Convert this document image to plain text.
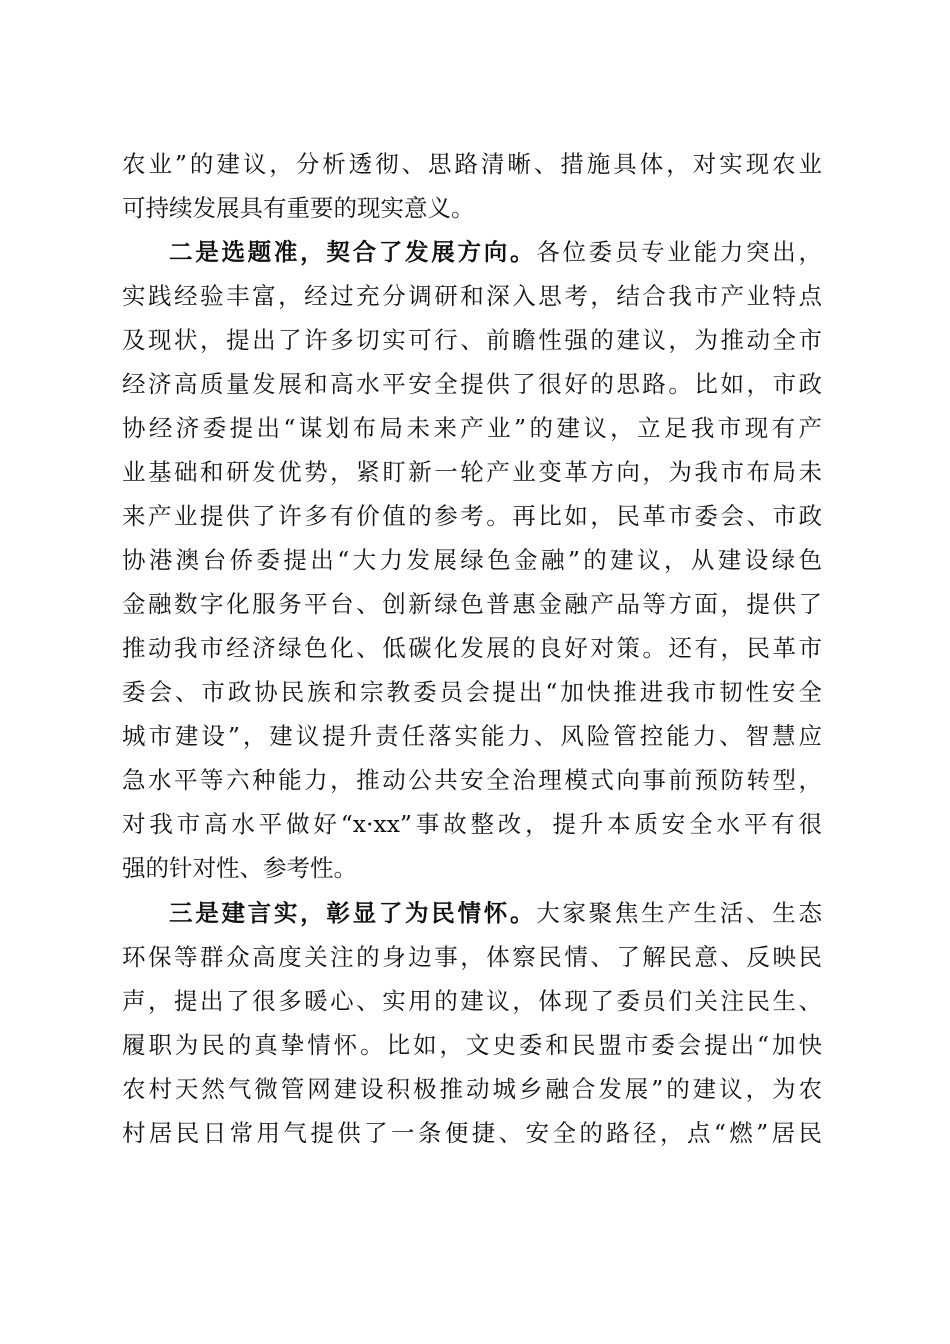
农业”的建议，分析透彻、思路清晰、措施具体，对实现农业
可持续发展具有重要的现实意义。
二是选题准，契合了发展方向。各位委员专业能力突出，
实践经验丰富，经过充分调研和深入思考，结合我市产业特点
及现状，提出了许多切实可行、前瞻性强的建议，为推动全市
经济高质量发展和高水平安全提供了很好的思路。比如，市政
协经济委提出“谋划布局未来产业”的建议，立足我市现有产
业基础和研发优势，紧盯新一轮产业变革方向，为我市布局未
来产业提供了许多有价值的参考。再比如，民革市委会、市政
协港澳台侨委提出“大力发展绿色金融”的建议，从建设绿色
金融数字化服务平台、创新绿色普惠金融产品等方面，提供了
推动我市经济绿色化、低碳化发展的良好对策。还有，民革市
委会、市政协民族和宗教委员会提出“加快推进我市韧性安全
城市建设”，建议提升责任落实能力、风险管控能力、智慧应
急水平等六种能力，推动公共安全治理模式向事前预防转型，
对我市高水平做好“x·xx”事故整改，提升本质安全水平有很
强的针对性、参考性。
三是建言实，彰显了为民情怀。大家聚焦生产生活、生态
环保等群众高度关注的身边事，体察民情、了解民意、反映民
声，提出了很多暖心、实用的建议，体现了委员们关注民生、
履职为民的真挚情怀。比如，文史委和民盟市委会提出“加快
农村天然气微管网建设积极推动城乡融合发展”的建议，为农
村居民日常用气提供了一条便捷、安全的路径，点“燃”居民
